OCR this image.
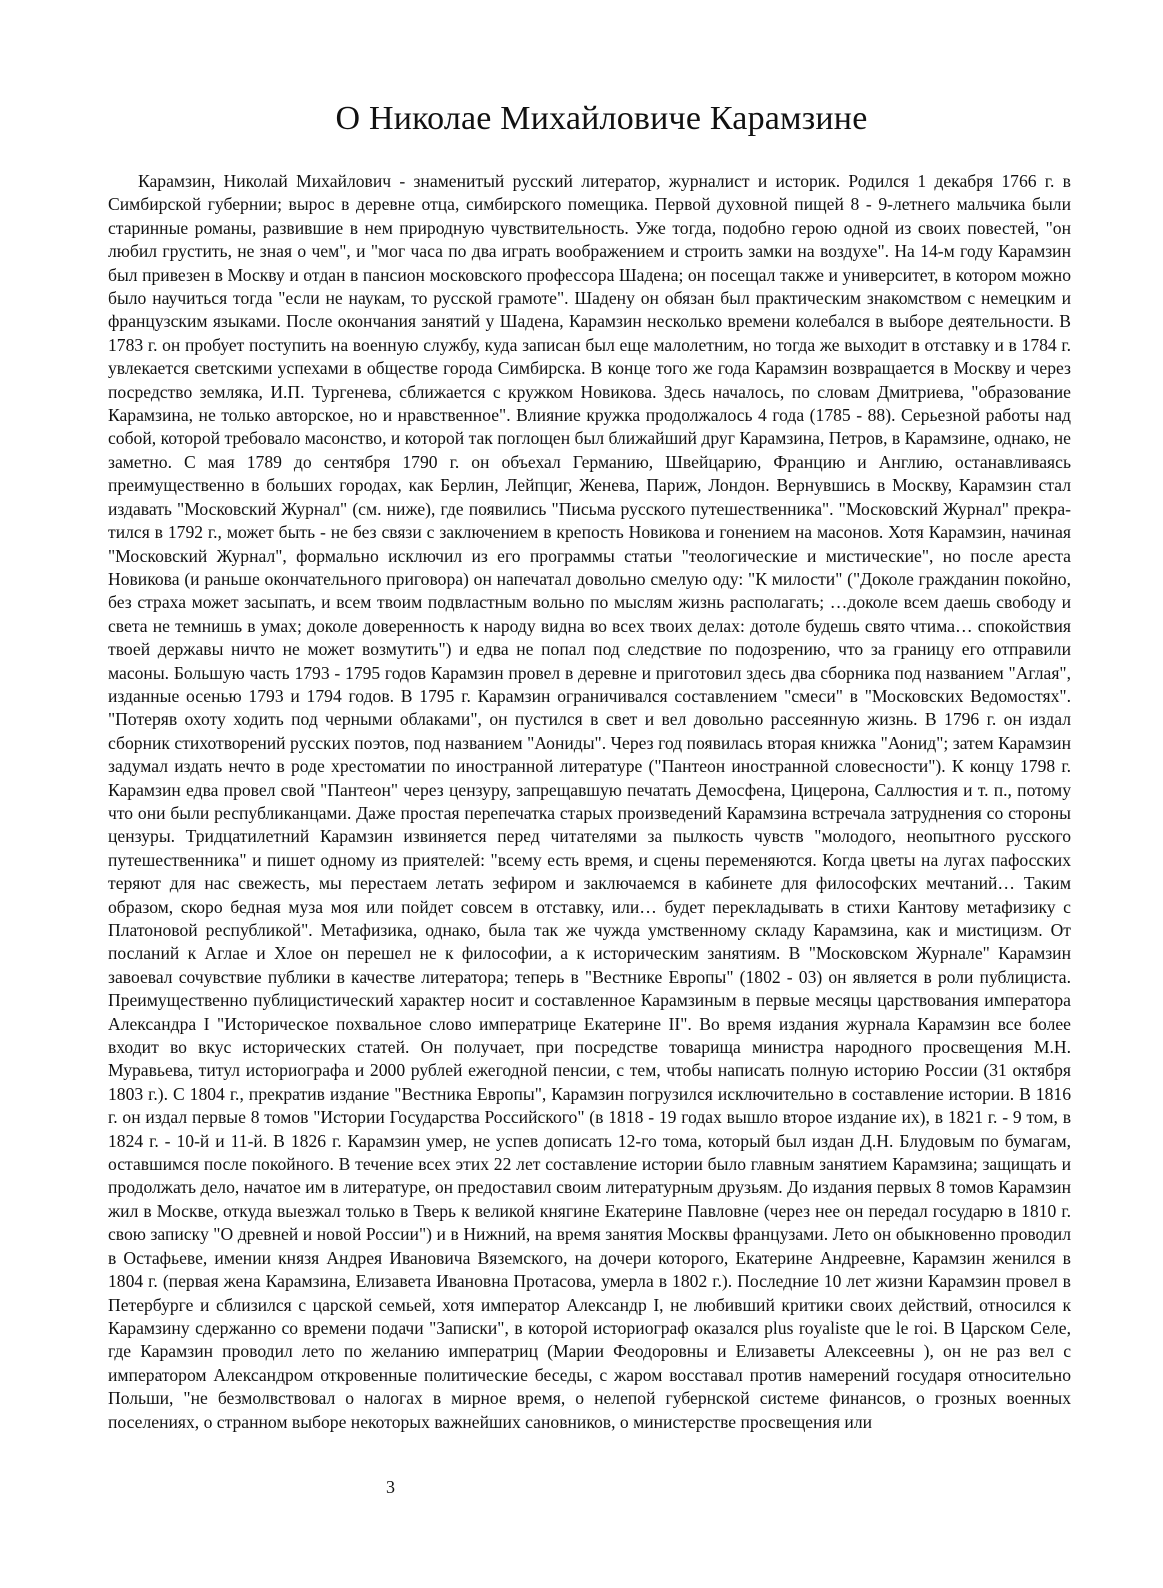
О Николае Михайловиче Карамзине

Карамзин, Николай Михайлович - знаменитый русский литератор, журналист и историк. Родился 1 декабря 1766 г. в Симбирской губернии; вырос в деревне отца, симбирского помещика. Первой духовной пищей 8 - 9-летнего мальчика были старинные романы, развившие в нем природную чувствительность. Уже тогда, подобно герою одной из своих повестей, "он любил грустить, не зная о чем", и "мог часа по два играть воображением и строить замки на воздухе". На 14-м году Карамзин был привезен в Москву и отдан в пансион московского профессора Шадена; он посещал также и университет, в котором можно было научиться тогда "если не наукам, то русской грамоте". Шадену он обязан был практическим знакомством с немецким и французским языками. После окончания занятий у Шадена, Карамзин несколько времени колебался в выборе деятельности. В 1783 г. он пробует поступить на военную службу, куда записан был еще малолетним, но тогда же выходит в отставку и в 1784 г. увлекается светскими успехами в обществе города Симбирска. В конце того же года Карамзин возвращается в Москву и через посредство земляка, И.П. Тургенева, сближается с кружком Новикова. Здесь началось, по словам Дмитриева, "образование Карамзина, не только авторское, но и нравственное". Влияние кружка продолжалось 4 года (1785 - 88). Серьезной работы над собой, которой требовало масонство, и которой так поглощен был ближайший друг Карамзина, Петров, в Карамзине, однако, не заметно. С мая 1789 до сентября 1790 г. он объехал Германию, Швейцарию, Францию и Англию, останавливаясь преимущественно в больших городах, как Берлин, Лейпциг, Женева, Париж, Лондон. Вернувшись в Москву, Карамзин стал издавать "Московский Журнал" (см. ниже), где появились "Письма русского путешественника". "Московский Журнал" прекратился в 1792 г., может быть - не без связи с заключением в крепость Новикова и гонением на масонов. Хотя Карамзин, начиная "Московский Журнал", формально исключил из его программы статьи "теологические и мистические", но после ареста Новикова (и раньше окончательного приговора) он напечатал довольно смелую оду: "К милости" ("Доколе гражданин покойно, без страха может засыпать, и всем твоим подвластным вольно по мыслям жизнь располагать; …доколе всем даешь свободу и света не темнишь в умах; доколе доверенность к народу видна во всех твоих делах: дотоле будешь свято чтима… спокойствия твоей державы ничто не может возмутить") и едва не попал под следствие по подозрению, что за границу его отправили масоны. Большую часть 1793 - 1795 годов Карамзин провел в деревне и приготовил здесь два сборника под названием "Аглая", изданные осенью 1793 и 1794 годов. В 1795 г. Карамзин ограничивался составлением "смеси" в "Московских Ведомостях". "Потеряв охоту ходить под черными облаками", он пустился в свет и вел довольно рассеянную жизнь. В 1796 г. он издал сборник стихотворений русских поэтов, под названием "Аониды". Через год появилась вторая книжка "Аонид"; затем Карамзин задумал издать нечто в роде хрестоматии по иностранной литературе ("Пантеон иностранной словесности"). К концу 1798 г. Карамзин едва провел свой "Пантеон" через цензуру, запрещавшую печатать Демосфена, Цицерона, Саллюстия и т. п., потому что они были республиканцами. Даже простая перепечатка старых произведений Карамзина встречала затруднения со стороны цензуры. Тридцатилетний Карамзин извиняется перед читателями за пылкость чувств "молодого, неопытного русского путешественника" и пишет одному из приятелей: "всему есть время, и сцены переменяются. Когда цветы на лугах пафосских теряют для нас свежесть, мы перестаем летать зефиром и заключаемся в кабинете для философских мечтаний… Таким образом, скоро бедная муза моя или пойдет совсем в отставку, или… будет перекладывать в стихи Кантову метафизику с Платоновой республикой". Метафизика, однако, была так же чужда умственному складу Карамзина, как и мистицизм. От посланий к Аглае и Хлое он перешел не к философии, а к историческим занятиям. В "Московском Журнале" Карамзин завоевал сочувствие публики в качестве литератора; теперь в "Вестнике Европы" (1802 - 03) он является в роли публициста. Преимущественно публицистический характер носит и составленное Карамзиным в первые месяцы царствования императора Александра I "Историческое похвальное слово императрице Екатерине II". Во время издания журнала Карамзин все более входит во вкус исторических статей. Он получает, при посредстве товарища министра народного просвещения М.Н. Муравьева, титул историографа и 2000 рублей ежегодной пенсии, с тем, чтобы написать полную историю России (31 октября 1803 г.). С 1804 г., прекратив издание "Вестника Европы", Карамзин погрузился исключительно в составление истории. В 1816 г. он издал первые 8 томов "Истории Государства Российского" (в 1818 - 19 годах вышло второе издание их), в 1821 г. - 9 том, в 1824 г. - 10-й и 11-й. В 1826 г. Карамзин умер, не успев дописать 12-го тома, который был издан Д.Н. Блудовым по бумагам, оставшимся после покойного. В течение всех этих 22 лет составление истории было главным занятием Карамзина; защищать и продолжать дело, начатое им в литературе, он предоставил своим литературным друзьям. До издания первых 8 томов Карамзин жил в Москве, откуда выезжал только в Тверь к великой княгине Екатерине Павловне (через нее он передал государю в 1810 г. свою записку "О древней и новой России") и в Нижний, на время занятия Москвы французами. Лето он обыкновенно проводил в Остафьеве, имении князя Андрея Ивановича Вяземского, на дочери которого, Екатерине Андреевне, Карамзин женился в 1804 г. (первая жена Карамзина, Елизавета Ивановна Протасова, умерла в 1802 г.). Последние 10 лет жизни Карамзин провел в Петербурге и сблизился с царской семьей, хотя император Александр I, не любивший критики своих действий, относился к Карамзину сдержанно со времени подачи "Записки", в которой историограф оказался plus royaliste que le roi. В Царском Селе, где Карамзин проводил лето по желанию императриц (Марии Феодоровны и Елизаветы Алексеевны ), он не раз вел с императором Александром откровенные политические беседы, с жаром восставал против намерений государя относительно Польши, "не безмолвствовал о налогах в мирное время, о нелепой губернской системе финансов, о грозных военных поселениях, о странном выборе некоторых важнейших сановников, о министерстве просвещения или

3
